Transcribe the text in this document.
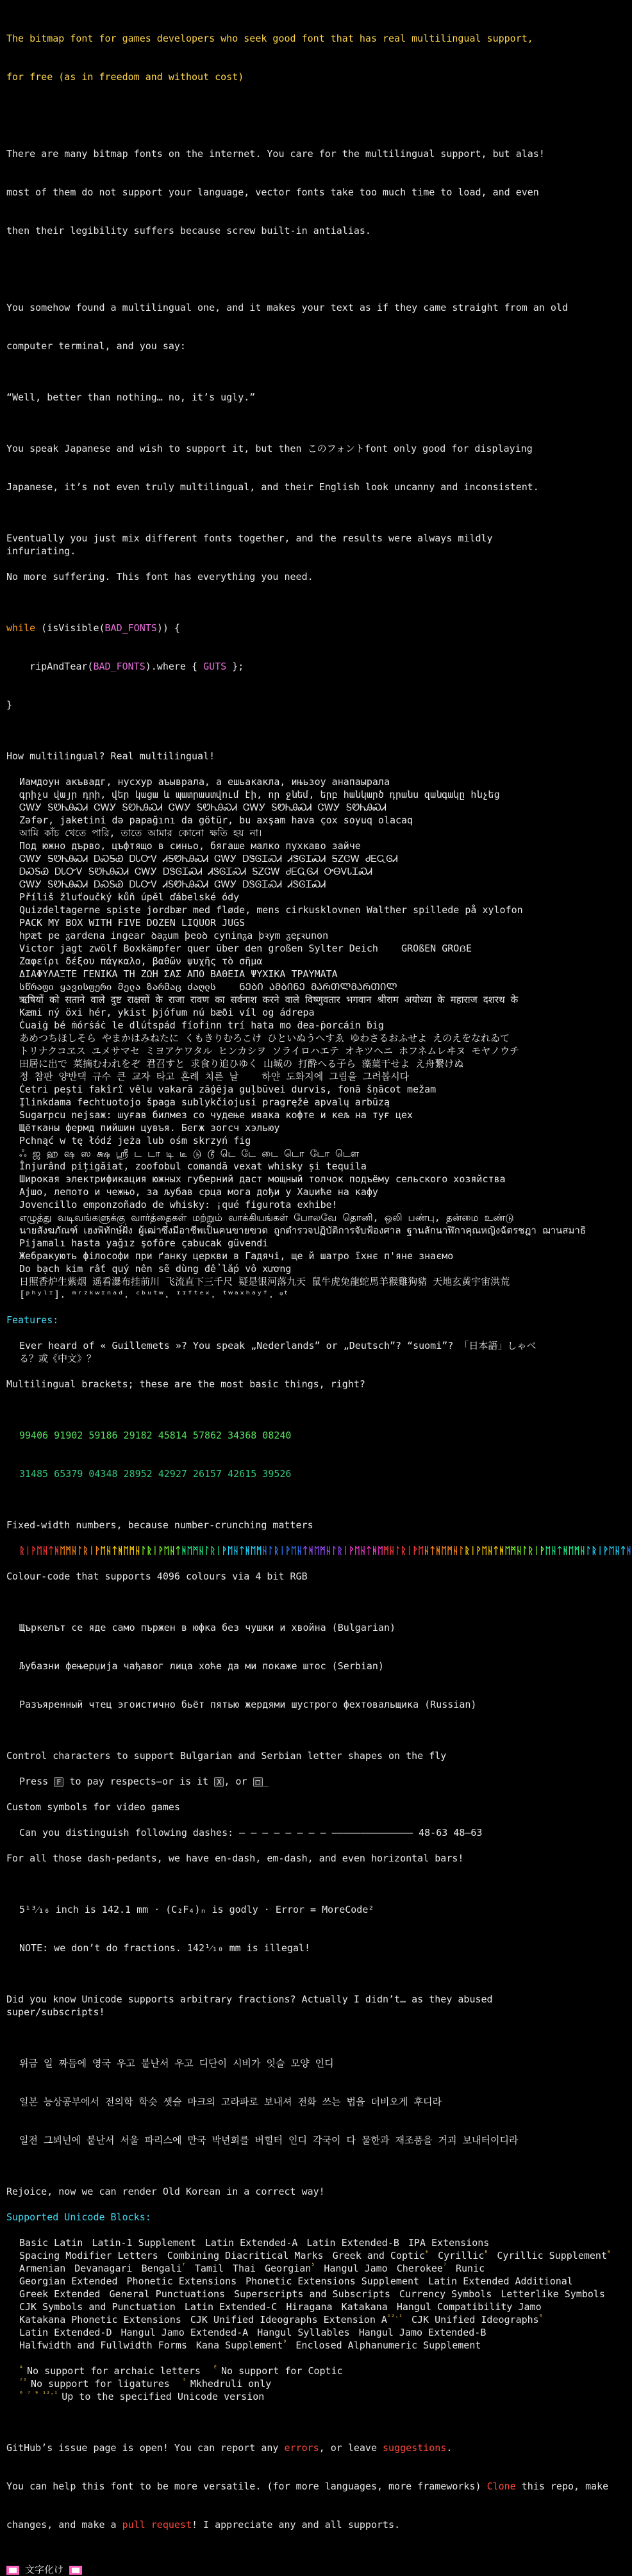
The bitmap font for games developers who seek good font that has real multilingual support,

for free (as in freedom and without cost)

There are many bitmap fonts on the internet. You care for the multilingual support, but alas!

most of them do not support your language, vector fonts take too much time to load, and even

then their legibility suffers because screw built-in antialias.

You somehow found a multilingual one, and it makes your text as if they came straight from an old

computer terminal, and you say:

“Well, better than nothing… no, it’s ugly.”

You speak Japanese and wish to support it, but then このフォントfont only good for displaying

Japanese, it’s not even truly multilingual, and their English look uncanny and inconsistent.

Eventually you just mix different fonts together, and the results were always mildly infuriating.
No more suffering. This font has everything you need.

while (isVisible(BAD_FONTS)) {

ripAndTear(BAD_FONTS).where { GUTS };

}

How multilingual? Real multilingual!
Иамдоун акъвадг, нусхур аъыврала, а ешьакакла, ињьзоу анапаырала
գրիչս վայր դրի, վեր կացա և պատրաստվում էի, որ ջնեմ, երբ հանկարծ դրանս զանգակը հնչեց
ᏣᎳᎩ ᎦᏬᏂᎯᏍᏗ ᏣᎳᎩ ᎦᏬᏂᎯᏍᏗ ᏣᎳᎩ ᎦᏬᏂᎯᏍᏗ ᏣᎳᎩ ᎦᏬᏂᎯᏍᏗ ᏣᎳᎩ ᎦᏬᏂᎯᏍᏗ
Zəfər, jaketini də papağını da götür, bu axşam hava çox soyuq olacaq
আমি কাঁচ খেতে পারি, তাতে আমার কোনো ক্ষতি হয় না।
Под южно дърво, цъфтящо в синьо, бягаше малко пухкаво зайче
ᏣᎳᎩ ᎦᏬᏂᎯᏍᏗ ᎠᏍᎦᏯ ᎠᏓᏅᏙ ᏗᎦᏬᏂᎯᏍᏗ ᏣᎳᎩ ᎠᏕᎶᏆᏍᏗ ᏗᏕᎶᏆᏍᏗ ᎦᏃᏣᎳ ᏧᎬᏩᎶᏗ
ᎠᏍᎦᏯ ᎠᏓᏅᏙ ᎦᏬᏂᎯᏍᏗ ᏣᎳᎩ ᎠᏕᎶᏆᏍᏗ ᏗᏕᎶᏆᏍᏗ ᎦᏃᏣᎳ ᏧᎬᏩᎶᏗ ᎤᎾᏙᏓᏆᏍᏗ
ᏣᎳᎩ ᎦᏬᏂᎯᏍᏗ ᎠᏍᎦᏯ ᎠᏓᏅᏙ ᏗᎦᏬᏂᎯᏍᏗ ᏣᎳᎩ ᎠᏕᎶᏆᏍᏗ ᏗᏕᎶᏆᏍᏗ
Příliš žluťoučký kůň úpěl ďábelské ódy
Quizdeltagerne spiste jordbær med fløde, mens cirkusklovnen Walther spillede på xylofon
PACK MY BOX WITH FIVE DOZEN LIQUOR JUGS
hƿæt pe ᵹardena ingear ꝺaᵹum þeoꝺ cyninᵹa þꝛym ᵹeꝼꝛunon
Victor jagt zwölf Boxkämpfer quer über den großen Sylter Deich    GROßEN GROẞE
Ζαφείρι δέξου πάγκαλο, βαθῶν ψυχῆς τὸ σῆμα
ΔΙΑΦΥΛΑΞΤΕ ΓΕΝΙΚΑ ΤΗ ΖΩΗ ΣΑΣ ΑΠΟ ΒΑΘΕΙΑ ΨΥΧΙΚΑ ΤΡΑΥΜΑΤΑ
სწრაფი ყავისფერი მელა ზარმაც ძაღლს    ᲜᲔᲑᲘ ᲐᲛᲑᲘᲜᲔ ᲛᲐᲠᲗᲚᲛᲐᲠᲗᲘᲚ
ऋषियों को सताने वाले दुष्ट राक्षसों के राजा रावण का सर्वनाश करने वाले विष्णुवतार भगवान श्रीराम अयोध्या के महाराज दशरथ के
Kæmi ný öxi hér, ykist þjófum nú bæði víl og ádrepa
Ċuaiġ bé ṁórṡáċ le dlúṫspád fíoḟinn trí hata mo ḋea-ṗorcáin ḃig
あめつちほしそら やまかはみねたに くもきりむろこけ ひといぬうへすゑ ゆわさるおふせよ えのえをなれゐて
トリナクコヱス ユメサマセ ミヨアケワタル ヒンカシヲ ソライロハエテ オキツヘニ ホフネムレヰヌ モヤノウチ
田居に出で 菜摘むわれをぞ 君召すと 求食り追ひゆく 山城の 打酔へる子ら 藻葉干せよ え舟繋けぬ
정 참판 양반댁 규수 큰 교자 타고 혼례 치른 날    하얀 도화지에 그림을 그려봅시다
Ċetri pești fakîrî vêlu vakarā zāģēja guļbūvei durvis, fonā šņācot mežam
Įlinkdama fechtuotojo špaga sublykčiojusi pragręžė apvalų arbūzą
Sugarpcu nejsaж: шуғав билмез со чудење ивака кофте и кељ на туғ цех
Щётканы фермд пийшин цувъя. Бегж зогсч хэльюу
Pchnąć w tę łódź jeża lub ośm skrzyń fig
ஃ ஜ ஹ ஷ ஸ க்ஷ ஸ்ரீ ட டா டி டீ டு டூ டெ டே டை டொ டோ டௌ
Înjurând pițigăiat, zoofobul comandă vexat whisky și tequila
Широкая электрификация южных губерний даст мощный толчок подъёму сельского хозяйства
Ајшо, лепото и чежњо, за љубав срца мога дођи у Хаџиће на кафу
Jovencillo emponzoñado de whisky: ¡qué figurota exhibe!
எழுத்து வடிவங்களுக்கு வார்த்தைகள் மற்றும் வாக்கியங்கள் போலவே தொனி, ஒலி பண்பு, தன்மை உண்டு
นายสังฆภัณฑ์ เฮงพิทักษ์ฝั่ง ผู้เฒ่าซึ่งมีอาชีพเป็นฅนขายฃวด ถูกตำรวจปฏิบัติการจับฟ้องศาล ฐานลักนาฬิกาคุณหญิงฉัตรชฎา ฌานสมาธิ
Pijamalı hasta yağız şoföre çabucak güvendi
Жебракують філософи при ґанку церкви в Гадячі, ще й шатро їхнє п'яне знаємо
Do bạch kim rất quý nên sẽ dùng để lắp vô xương
日照香炉生紫烟 遥看瀑布挂前川 飞流直下三千尺 疑是银河落九天 鼠牛虎兔龍蛇馬羊猴雞狗豬 天地玄黃宇宙洪荒
[ᵖʰʸˡᶦ]. ᵐʳᶻᵏʷᶦⁿᵃᵈ. ᶜᵇᵘᵗʷ. ᶦᶦᶠᵗᵉˣ. ᵗʷᵃˣʰᵃʸᶠ. ᵠᵗ
Features:
Ever heard of « Guillemets »? You speak „Nederlands” or „Deutsch”? “suomi”? 「日本語」しゃべる？或《中文》？
Multilingual brackets; these are the most basic things, right?

99406 91902 59186 29182 45814 57862 34368 08240

31485 65379 04348 28952 42927 26157 42615 39526

Fixed-width numbers, because number-crunching matters
ᚱᛁᚹᛖᚺᛏᚻᛖᛗᚺᛚᚱᛁᚹᛖᚺᛏᚻᛖᛗᚺᛚᚱᛁᚹᛖᚺᛏᚻᛖᛗᚺᛚᚱᛁᚹᛖᚺᛏᚻᛖᛗᚺᛚᚱᛁᚹᛖᚺᛏᚻᛖᛗᚺᛚᚱᛁᚹᛖᚺᛏᚻᛖᛗᚺᛚᚱᛁᚹᛖᚺᛏᚻᛖᛗᚺᛚᚱᛁᚹᛖᚺᛏᚻᛖᛗᚺᛚᚱᛁᚹᛖᚺᛏᚻᛖᛗᚺᛚᚱᛁᚹᛖᚺᛏᚻ
Colour-code that supports 4096 colours via 4 bit RGB

Щъркелът се яде само пържен в юфка без чушки и хвойна (Bulgarian)

Љубазни фењерџија чађавог лица хоће да ми покаже штос (Serbian)

Разъяренный чтец эгоистично бьёт пятью жердями шустрого фехтовальщика (Russian)

Control characters to support Bulgarian and Serbian letter shapes on the fly
Press F to pay respects—or is it X , or □ _
Custom symbols for video games
Can you distinguish following dashes: – – – – – – – – —————————————— 48-63 48–63
For all those dash-pedants, we have en-dash, em-dash, and even horizontal bars!

5¹³⁄₁₆ inch is 142.1 mm · (C₂F₄)ₙ is godly · Error = MoreCode²

NOTE: we don’t do fractions. 142¹⁄₁₀ mm is illegal!

Did you know Unicode supports arbitrary fractions? Actually I didn’t… as they abused super/subscripts!

위금 일 짜듬에 영국 우고 붙난서 우고 디단이 시비가 잇슬 모양 인디

일본 능상공부에서 전의학 학슷 셋슬 마크의 고라파로 보내셔 전화 쓰는 법을 더비오게 후디라

일전 그뵈넌에 붙난서 서울 파리스에 만국 박년회를 버힐터 인디 각국이 다 물한과 재조품을 거괴 보내터이디라

Rejoice, now we can render Old Korean in a correct way!
Supported Unicode Blocks:
Basic Latin Latin-1 Supplement Latin Extended-A Latin Extended-B IPA Extensions
Spacing Modifier Letters Combining Diacritical Marks Greek and Coptic$^ᴱ$ Cyrillic$^ᴮ$ Cyrillic Supplement$^ᴮ$
Armenian Devanagari Bengali$^ᶠ$ Tamil Thai Georgian$^{^5}$ Hangul Jamo Cherokee$^{^7}$ Runic
Georgian Extended Phonetic Extensions Phonetic Extensions Supplement Latin Extended Additional
Greek Extended General Punctuations Superscripts and Subscripts Currency Symbols Letterlike Symbols
CJK Symbols and Punctuation Latin Extended-C Hiragana Katakana Hangul Compatibility Jamo
Katakana Phonetic Extensions CJK Unified Ideographs Extension $A^{^{12}\cdot^1}$ CJK Unified Ideographs$^{^6}$
Latin Extended-D Hangul Jamo Extended-A Hangul Syllables Hangul Jamo Extended-B
Halfwidth and Fullwidth Forms Kana Supplement$^{^9}$ Enclosed Alphanumeric Supplement
$^ᴬ$ No support for archaic letters $^ᴱ$ No support for Coptic
$^{ᶠᴵ}$ No support for ligatures $^{^5}$ Mkhedruli only
$^{^6 ^7 ^9 ^{12}\cdot^1}$ Up to the specified Unicode version

GitHub’s issue page is open! You can report any errors, or leave suggestions.

You can help this font to be more versatile. (for more languages, more frameworks) Clone this repo, make

changes, and make a pull request! I appreciate any and all supports.

文字化け
